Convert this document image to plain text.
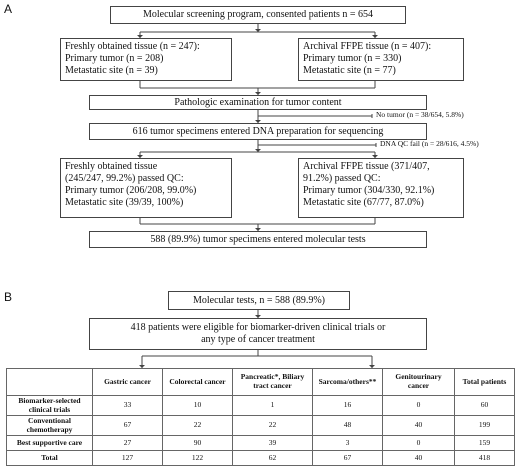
A
B
Molecular screening program, consented patients n = 654
Freshly obtained tissue (n = 247):
Primary tumor (n = 208)
Metastatic site (n = 39)
Archival FFPE tissue (n = 407):
Primary tumor (n = 330)
Metastatic site (n = 77)
Pathologic examination for tumor content
No tumor (n = 38/654, 5.8%)
616 tumor specimens entered DNA preparation for sequencing
DNA QC fail (n = 28/616, 4.5%)
Freshly obtained tissue
(245/247, 99.2%) passed QC:
Primary tumor (206/208, 99.0%)
Metastatic site (39/39, 100%)
Archival FFPE tissue (371/407,
91.2%) passed QC:
Primary tumor (304/330, 92.1%)
Metastatic site (67/77, 87.0%)
588 (89.9%) tumor specimens entered molecular tests
Molecular tests, n = 588 (89.9%)
418 patients were eligible for biomarker-driven clinical trials or
any type of cancer treatment
	Gastric cancer	Colorectal cancer	Pancreatic*, Biliary tract cancer	Sarcoma/others**	Genitourinary cancer	Total patients
Biomarker-selected clinical trials	33	10	1	16	0	60
Conventional chemotherapy	67	22	22	48	40	199
Best supportive care	27	90	39	3	0	159
Total	127	122	62	67	40	418
